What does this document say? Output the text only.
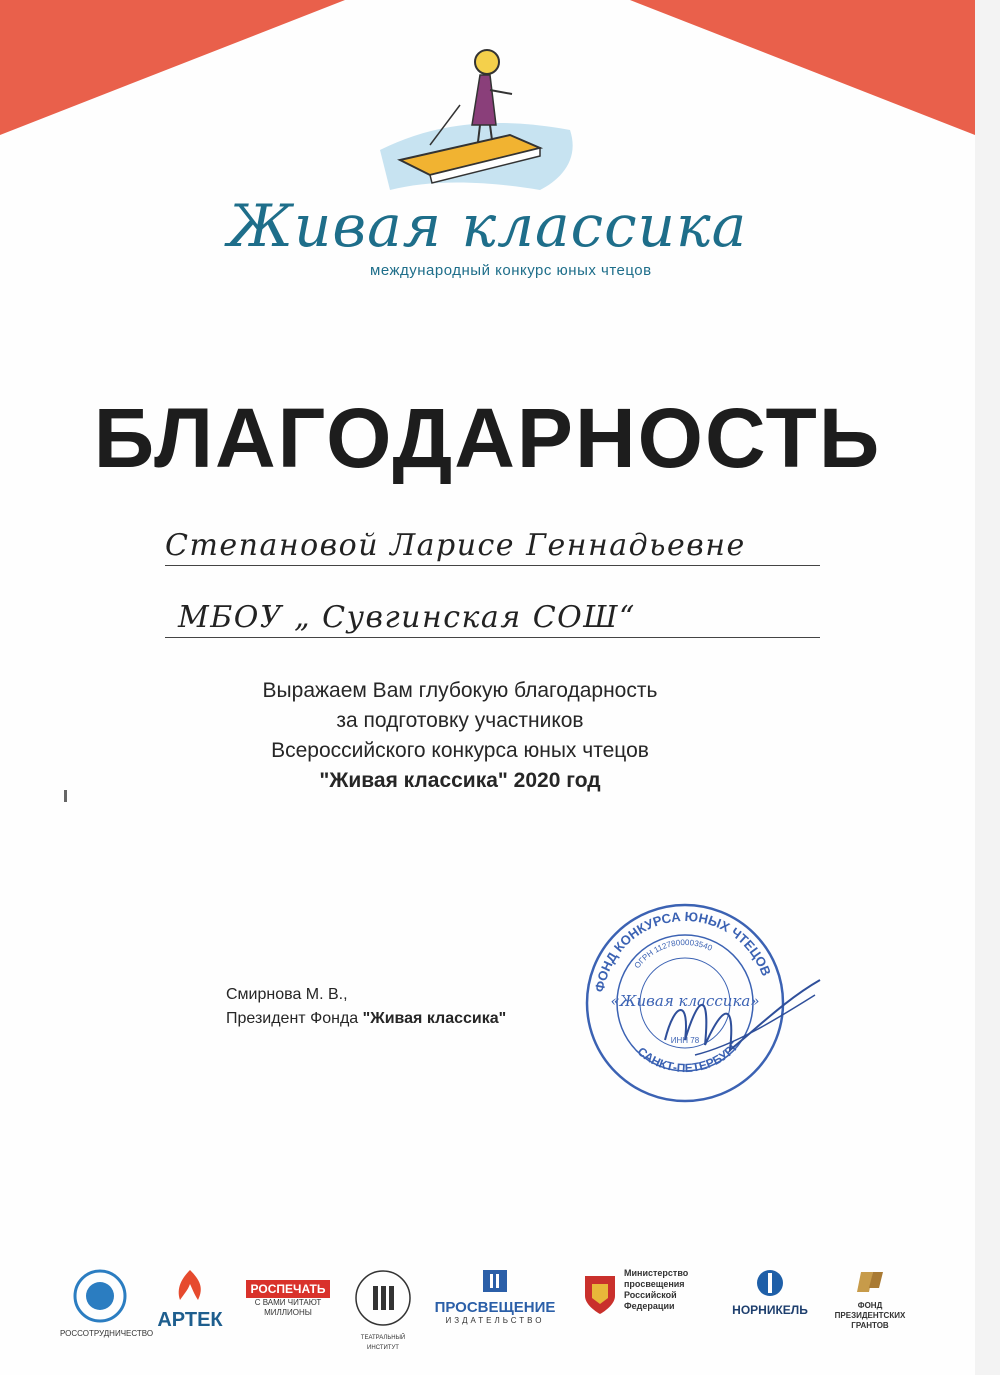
Живая классика
международный конкурс юных чтецов
БЛАГОДАРНОСТЬ
Степановой Ларисе Геннадьевне
МБОУ „ Сувгинская СОШ“
Выражаем Вам глубокую благодарность
за подготовку участников
Всероссийского конкурса юных чтецов
"Живая классика" 2020 год
Смирнова М. В.,
Президент Фонда "Живая классика"
ФОНД КОНКУРСА ЮНЫХ ЧТЕЦОВ
ОГРН 1127800003540
«Живая классика»
ИНН 78
САНКТ-ПЕТЕРБУРГ
РОССОТРУДНИЧЕСТВО
АРТЕК
РОСПЕЧАТЬ
С ВАМИ ЧИТАЮТ МИЛЛИОНЫ
ТЕАТРАЛЬНЫЙ ИНСТИТУТ
ПРОСВЕЩЕНИЕ
ИЗДАТЕЛЬСТВО
Министерство просвещения Российской Федерации	НОРНИКЕЛЬ	ФОНД ПРЕЗИДЕНТСКИХ ГРАНТОВ
